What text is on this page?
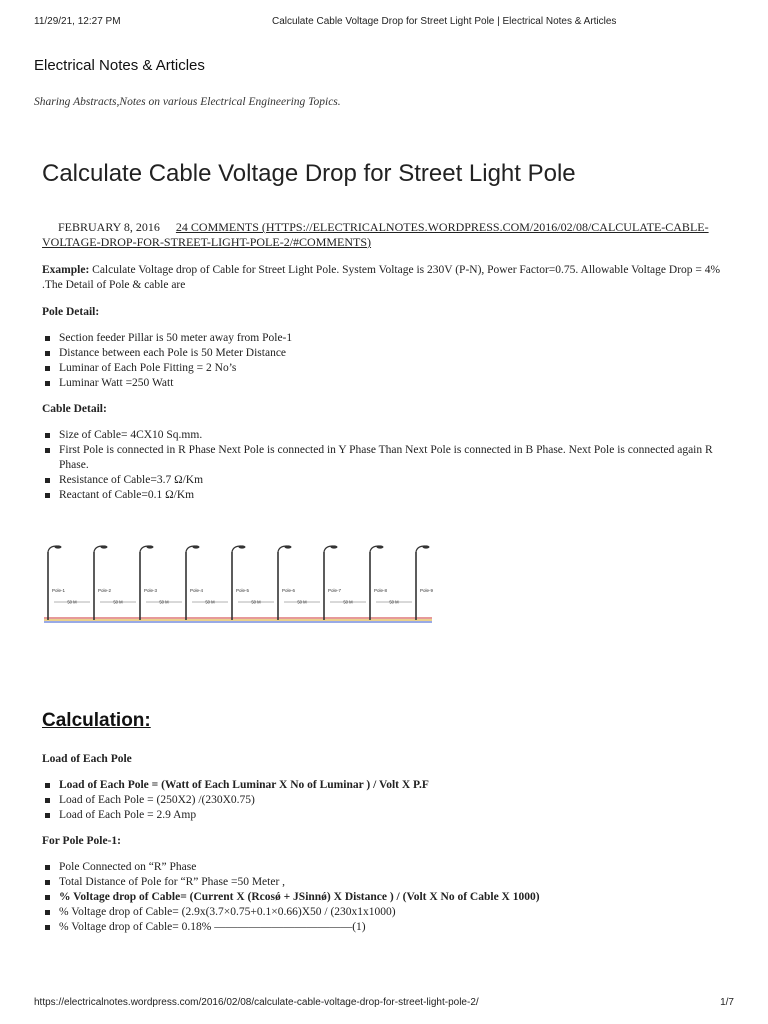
11/29/21, 12:27 PM	Calculate Cable Voltage Drop for Street Light Pole | Electrical Notes & Articles
Electrical Notes & Articles
Sharing Abstracts,Notes on various Electrical Engineering Topics.
Calculate Cable Voltage Drop for Street Light Pole
FEBRUARY 8, 2016 24 COMMENTS (HTTPS://ELECTRICALNOTES.WORDPRESS.COM/2016/02/08/CALCULATE-CABLE-VOLTAGE-DROP-FOR-STREET-LIGHT-POLE-2/#COMMENTS)

Example: Calculate Voltage drop of Cable for Street Light Pole. System Voltage is 230V (P-N), Power Factor=0.75. Allowable Voltage Drop = 4% .The Detail of Pole & cable are

Pole Detail:

Section feeder Pillar is 50 meter away from Pole-1
Distance between each Pole is 50 Meter Distance
Luminar of Each Pole Fitting = 2 No’s
Luminar Watt =250 Watt

Cable Detail:

Size of Cable= 4CX10 Sq.mm.
First Pole is connected in R Phase Next Pole is connected in Y Phase Than Next Pole is connected in B Phase. Next Pole is connected again R Phase.
Resistance of Cable=3.7 Ω/Km
Reactant of Cable=0.1 Ω/Km
Pole-1	Pole-2	Pole-3	Pole-4	Pole-5	Pole-6	Pole-7	Pole-8	Pole-9
50 M	50 M	50 M	50 M	50 M	50 M	50 M	50 M
Calculation:

Load of Each Pole

Load of Each Pole = (Watt of Each Luminar X No of Luminar ) / Volt X P.F
Load of Each Pole = (250X2) /(230X0.75)
Load of Each Pole = 2.9 Amp

For Pole Pole-1:

Pole Connected on “R” Phase
Total Distance of Pole for “R” Phase =50 Meter ,
% Voltage drop of Cable= (Current X (Rcosǿ + JSinnǿ) X Distance ) / (Volt X No of Cable X 1000)
% Voltage drop of Cable= (2.9x(3.7×0.75+0.1×0.66)X50 / (230x1x1000)
% Voltage drop of Cable= 0.18% ————————————(1)
https://electricalnotes.wordpress.com/2016/02/08/calculate-cable-voltage-drop-for-street-light-pole-2/	1/7
